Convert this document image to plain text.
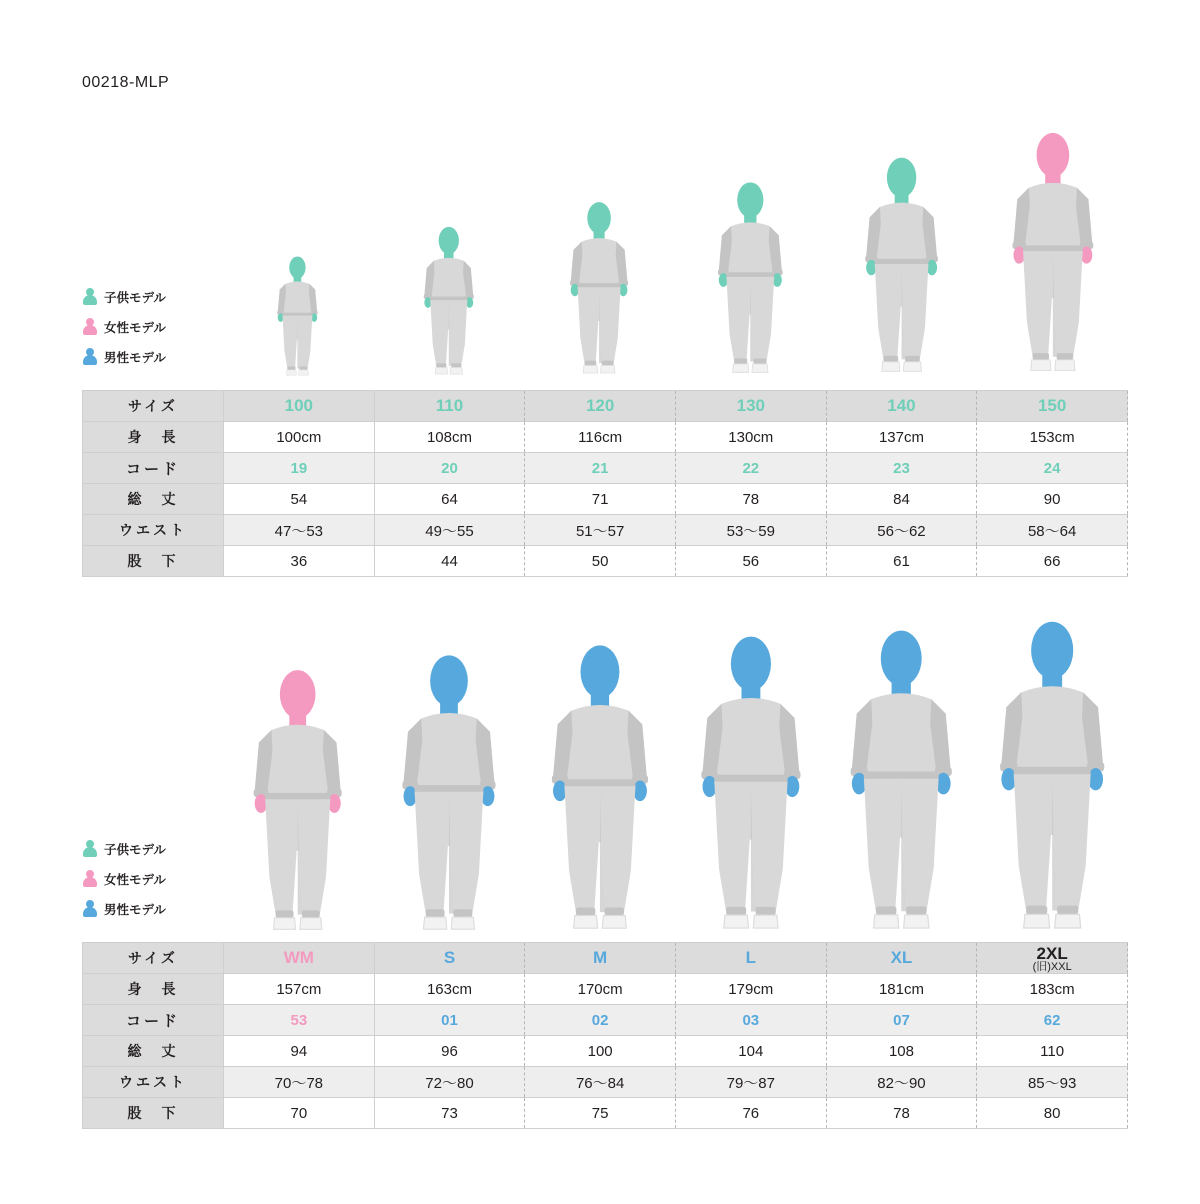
00218-MLP
子供モデル
女性モデル
男性モデル
サイズ	100	110	120	130	140	150
身　長	100cm	108cm	116cm	130cm	137cm	153cm
コード	19	20	21	22	23	24
総　丈	54	64	71	78	84	90
ウエスト	47〜53	49〜55	51〜57	53〜59	56〜62	58〜64
股　下	36	44	50	56	61	66
子供モデル
女性モデル
男性モデル
サイズ	WM	S	M	L	XL	2XL
(旧)XXL

身　長	157cm	163cm	170cm	179cm	181cm	183cm
コード	53	01	02	03	07	62
総　丈	94	96	100	104	108	110
ウエスト	70〜78	72〜80	76〜84	79〜87	82〜90	85〜93
股　下	70	73	75	76	78	80
